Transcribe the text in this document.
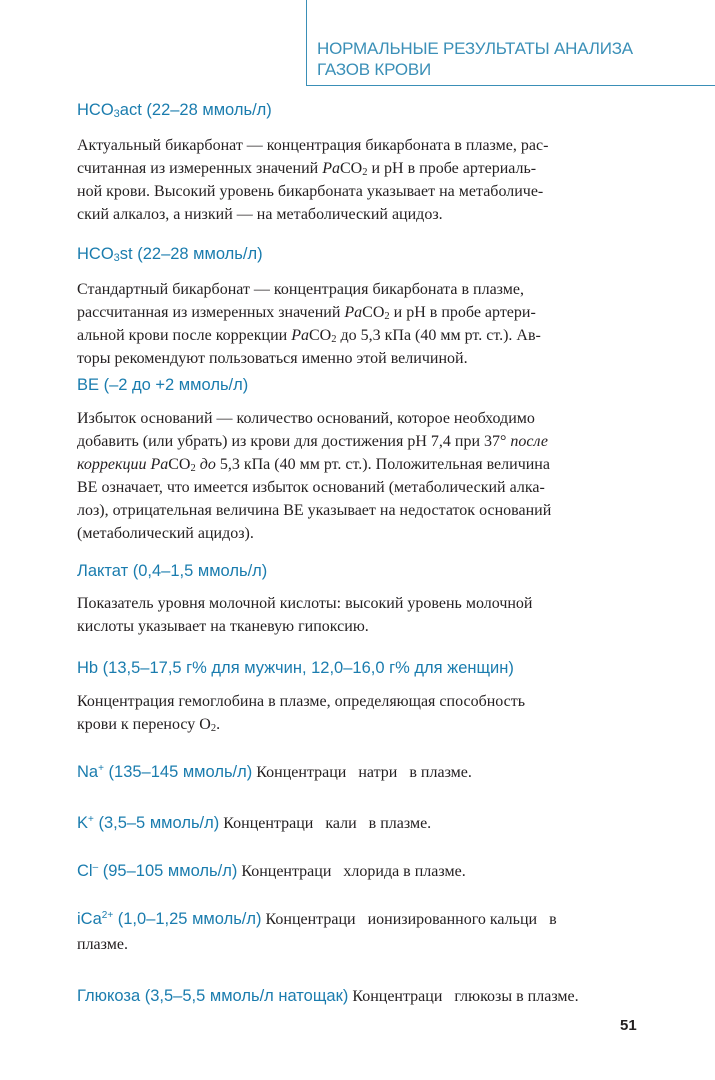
НОРМАЛЬНЫЕ РЕЗУЛЬТАТЫ АНАЛИЗА
ГАЗОВ КРОВИ
$HCO_3act$ (22–28 ммоль/л)
Актуальный бикарбонат — концентрация бикарбоната в плазме, рас-
считанная из измеренных значений PaCO$_2$ и pH в пробе артериаль-
ной крови. Высокий уровень бикарбоната указывает на метаболиче-
ский алкалоз, а низкий — на метаболический ацидоз.
$HCO_3st$ (22–28 ммоль/л)
Стандартный бикарбонат — концентрация бикарбоната в плазме,
рассчитанная из измеренных значений PaCO$_2$ и pH в пробе артери-
альной крови после коррекции PaCO$_2$ до 5,3 кПа (40 мм рт. ст.). Ав-
торы рекомендуют пользоваться именно этой величиной.
BE (–2 до +2 ммоль/л)
Избыток оснований — количество оснований, которое необходимо
добавить (или убрать) из крови для достижения pH 7,4 при 37° после
коррекции PaCO$_2$ до 5,3 кПа (40 мм рт. ст.). Положительная величина
BE означает, что имеется избыток оснований (метаболический алка-
лоз), отрицательная величина BE указывает на недостаток оснований
(метаболический ацидоз).
Лактат (0,4–1,5 ммоль/л)
Показатель уровня молочной кислоты: высокий уровень молочной
кислоты указывает на тканевую гипоксию.
Hb (13,5–17,5 г% для мужчин, 12,0–16,0 г% для женщин)
Концентрация гемоглобина в плазме, определяющая способность
крови к переносу $O_2$.
Na+ (135–145 ммоль/л) Концентраци   натри   в плазме.
K+ (3,5–5 ммоль/л) Концентраци   кали   в плазме.
Cl– (95–105 ммоль/л) Концентраци   хлорида в плазме.
iCa$^{2+}$ (1,0–1,25 ммоль/л) Концентраци   ионизированного кальци   в
плазме.
Глюкоза (3,5–5,5 ммоль/л натощак) Концентраци   глюкозы в плазме.
51
